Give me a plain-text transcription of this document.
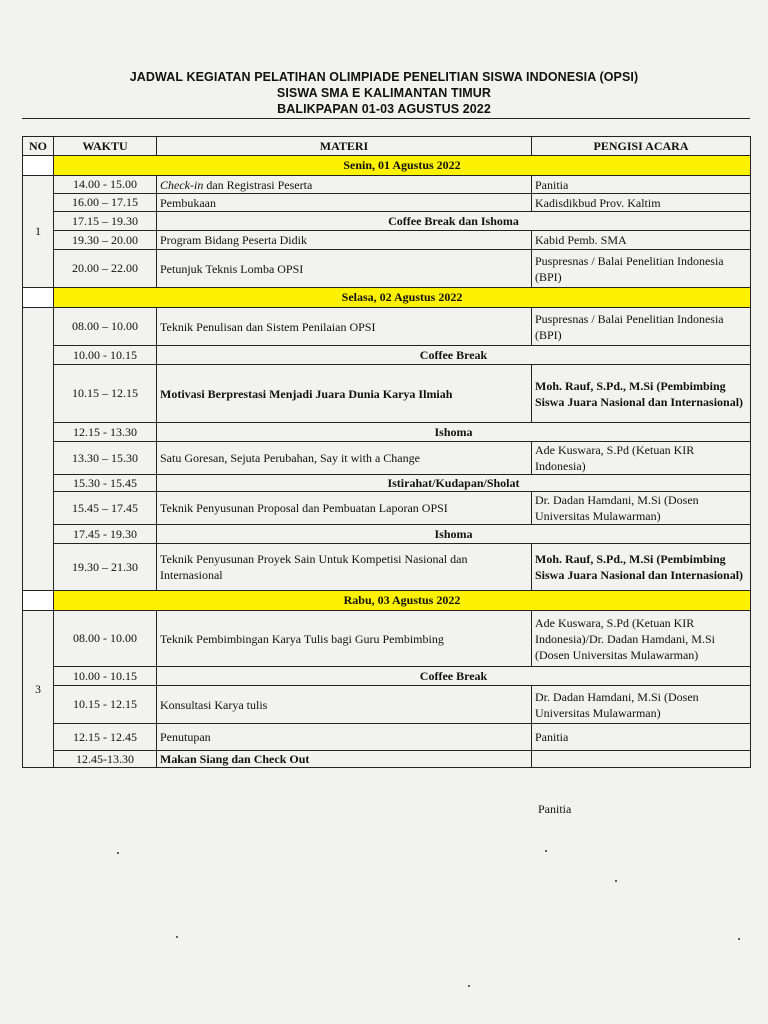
JADWAL KEGIATAN PELATIHAN OLIMPIADE PENELITIAN SISWA INDONESIA (OPSI)
SISWA SMA E KALIMANTAN TIMUR
BALIKPAPAN 01-03 AGUSTUS 2022
NO	WAKTU	MATERI	PENGISI ACARA
	Senin, 01 Agustus 2022		
1	14.00 - 15.00	Check-in dan Registrasi Peserta	Panitia
	16.00 – 17.15	Pembukaan	Kadisdikbud Prov. Kaltim
	17.15 – 19.30	Coffee Break dan Ishoma	
	19.30 – 20.00	Program Bidang Peserta Didik	Kabid Pemb. SMA
	20.00 – 22.00	Petunjuk Teknis Lomba OPSI	Puspresnas / Balai Penelitian Indonesia (BPI)
	Selasa, 02 Agustus 2022		
	08.00 – 10.00	Teknik Penulisan dan Sistem Penilaian OPSI	Puspresnas / Balai Penelitian Indonesia (BPI)
	10.00 - 10.15	Coffee Break	
	10.15 – 12.15	Motivasi Berprestasi Menjadi Juara Dunia Karya Ilmiah	Moh. Rauf, S.Pd., M.Si (Pembimbing Siswa Juara Nasional dan Internasional)
	12.15 - 13.30	Ishoma	
	13.30 – 15.30	Satu Goresan, Sejuta Perubahan, Say it with a Change	Ade Kuswara, S.Pd (Ketuan KIR Indonesia)
	15.30 - 15.45	Istirahat/Kudapan/Sholat	
	15.45 – 17.45	Teknik Penyusunan Proposal dan Pembuatan Laporan OPSI	Dr. Dadan Hamdani, M.Si (Dosen Universitas Mulawarman)
	17.45 - 19.30	Ishoma	
	19.30 – 21.30	Teknik Penyusunan Proyek Sain Untuk Kompetisi Nasional dan Internasional	Moh. Rauf, S.Pd., M.Si (Pembimbing Siswa Juara Nasional dan Internasional)
	Rabu, 03 Agustus 2022		
3	08.00 - 10.00	Teknik Pembimbingan Karya Tulis bagi Guru Pembimbing	Ade Kuswara, S.Pd (Ketuan KIR Indonesia)/Dr. Dadan Hamdani, M.Si (Dosen Universitas Mulawarman)
	10.00 - 10.15	Coffee Break	
	10.15 - 12.15	Konsultasi Karya tulis	Dr. Dadan Hamdani, M.Si (Dosen Universitas Mulawarman)
	12.15 - 12.45	Penutupan	Panitia
	12.45-13.30	Makan Siang dan Check Out	
Panitia
